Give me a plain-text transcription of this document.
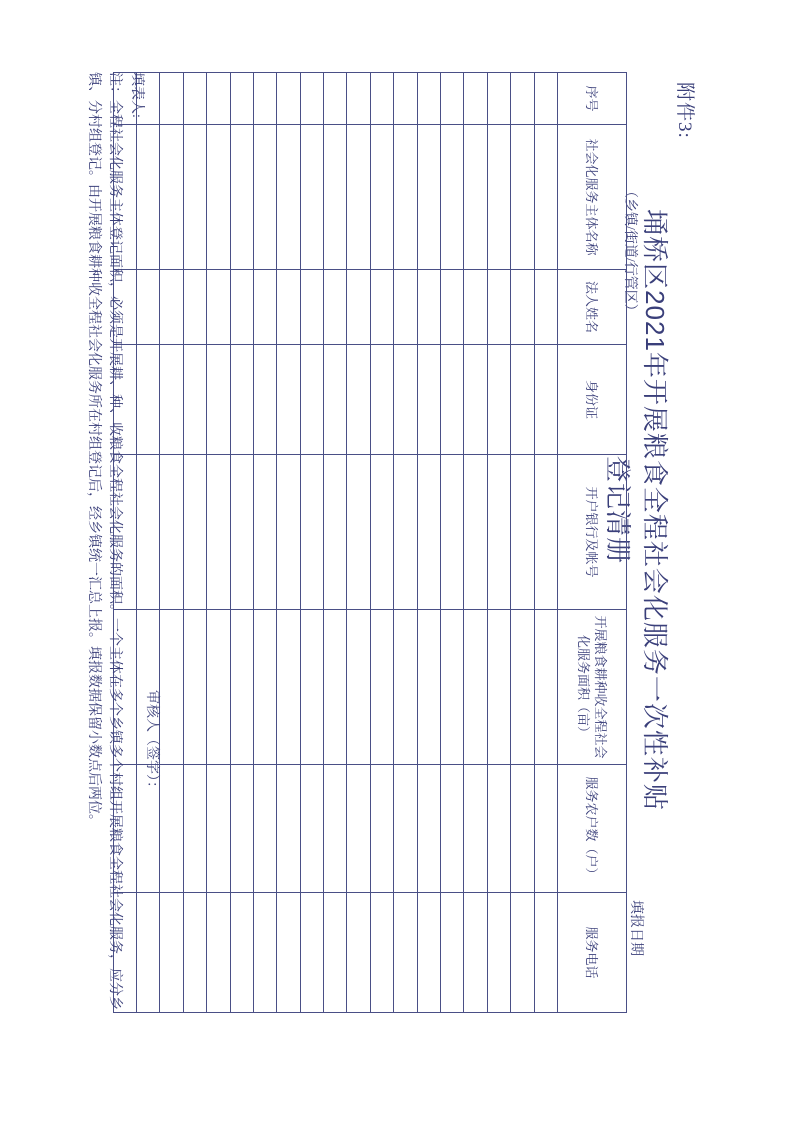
附件3:
埇桥区2021年开展粮食全程社会化服务一次性补贴登记清册
（乡镇/街道/行管区）
填报日期
序号	社会化服务主体名称	法人姓名	身份证	开户银行及帐号	开展粮食耕种收全程社会化服务面积（亩）	服务农户数（户）	服务电话

填表人:
审核人（签字）：
注：全程社会化服务主体登记面积，必须是开展耕、种、收粮食全程社会化服务的面积。一个主体在多个乡镇多个村组开展粮食全程社会化服务，应分乡镇、分村组登记。由开展粮食耕种收全程社会化服务所在村组登记后，经乡镇统一汇总上报。填报数据保留小数点后两位。
